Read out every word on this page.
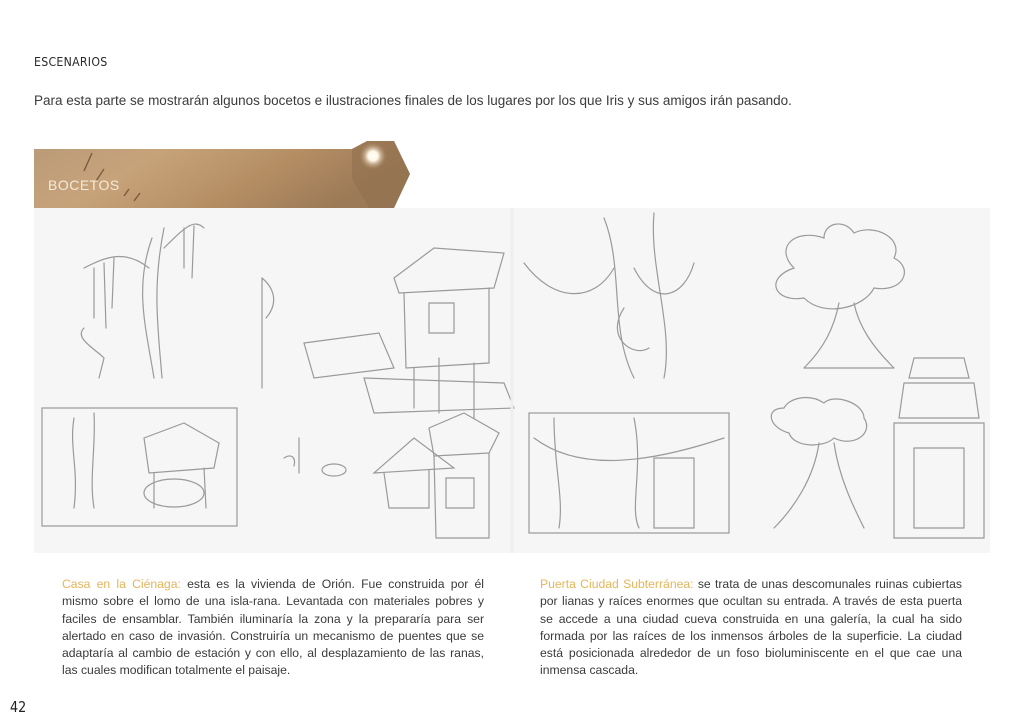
ESCENARIOS
Para esta parte se mostrarán algunos bocetos e ilustraciones finales de los lugares por los que Iris y sus amigos irán pasando.
BOCETOS
Casa en la Ciénaga: esta es la vivienda de Orión. Fue construida por él mismo sobre el lomo de una isla-rana. Levantada con materiales pobres y faciles de ensamblar. También iluminaría la zona y la prepararía para ser alertado en caso de invasión. Construiría un mecanismo de puentes que se adaptaría al cambio de estación y con ello, al desplazamiento de las ranas, las cuales modifican totalmente el paisaje.
Puerta Ciudad Subterránea: se trata de unas descomunales ruinas cubiertas por lianas y raíces enormes que ocultan su entrada. A través de esta puerta se accede a una ciudad cueva construida en una galería, la cual ha sido formada por las raíces de los inmensos árboles de la superficie. La ciudad está posicionada alrededor de un foso bioluminiscente en el que cae una inmensa cascada.
42
